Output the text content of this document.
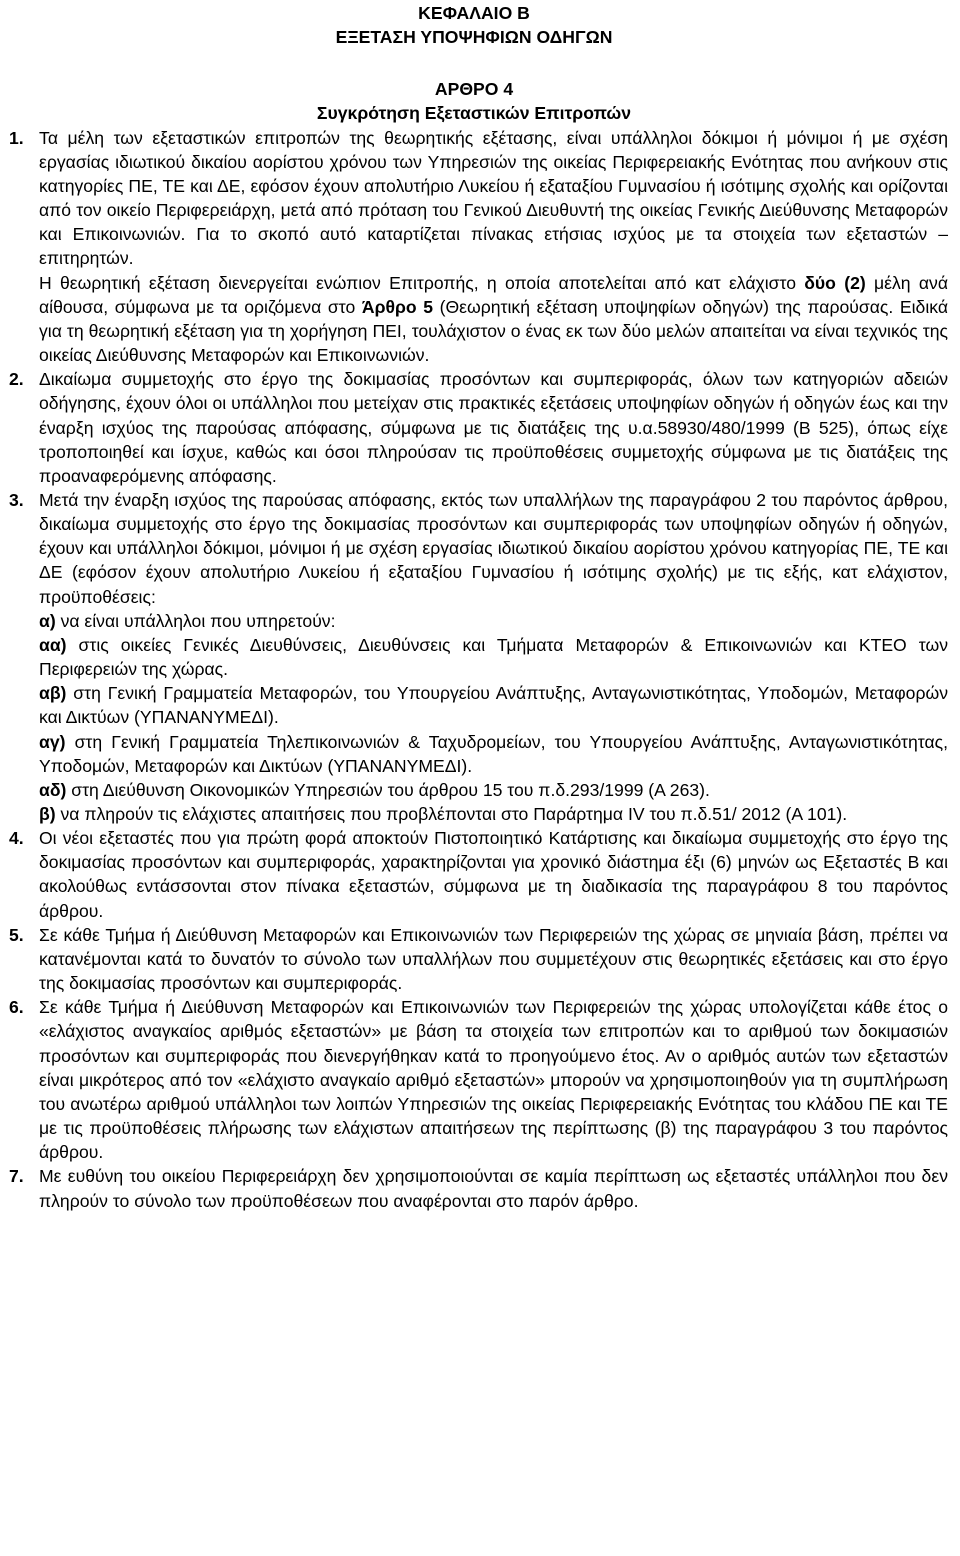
ΚΕΦΑΛΑΙΟ Β
ΕΞΕΤΑΣΗ ΥΠΟΨΗΦΙΩΝ ΟΔΗΓΩΝ
ΑΡΘΡΟ 4
Συγκρότηση Εξεταστικών Επιτροπών
1. Τα μέλη των εξεταστικών επιτροπών της θεωρητικής εξέτασης, είναι υπάλληλοι δόκιμοι ή μόνιμοι ή με σχέση εργασίας ιδιωτικού δικαίου αορίστου χρόνου των Υπηρεσιών της οικείας Περιφερειακής Ενότητας που ανήκουν στις κατηγορίες ΠΕ, ΤΕ και ΔΕ, εφόσον έχουν απολυτήριο Λυκείου ή εξαταξίου Γυμνασίου ή ισότιμης σχολής και ορίζονται από τον οικείο Περιφερειάρχη, μετά από πρόταση του Γενικού Διευθυντή της οικείας Γενικής Διεύθυνσης Μεταφορών και Επικοινωνιών. Για το σκοπό αυτό καταρτίζεται πίνακας ετήσιας ισχύος με τα στοιχεία των εξεταστών – επιτηρητών.

Η θεωρητική εξέταση διενεργείται ενώπιον Επιτροπής, η οποία αποτελείται από κατ ελάχιστο δύο (2) μέλη ανά αίθουσα, σύμφωνα με τα οριζόμενα στο Άρθρο 5 (Θεωρητική εξέταση υποψηφίων οδηγών) της παρούσας. Ειδικά για τη θεωρητική εξέταση για τη χορήγηση ΠΕΙ, τουλάχιστον ο ένας εκ των δύο μελών απαιτείται να είναι τεχνικός της οικείας Διεύθυνσης Μεταφορών και Επικοινωνιών.

2. Δικαίωμα συμμετοχής στο έργο της δοκιμασίας προσόντων και συμπεριφοράς, όλων των κατηγοριών αδειών οδήγησης, έχουν όλοι οι υπάλληλοι που μετείχαν στις πρακτικές εξετάσεις υποψηφίων οδηγών ή οδηγών έως και την έναρξη ισχύος της παρούσας απόφασης, σύμφωνα με τις διατάξεις της υ.α.58930/480/1999 (Β 525), όπως είχε τροποποιηθεί και ίσχυε, καθώς και όσοι πληρούσαν τις προϋποθέσεις συμμετοχής σύμφωνα με τις διατάξεις της προαναφερόμενης απόφασης.

3. Μετά την έναρξη ισχύος της παρούσας απόφασης, εκτός των υπαλλήλων της παραγράφου 2 του παρόντος άρθρου, δικαίωμα συμμετοχής στο έργο της δοκιμασίας προσόντων και συμπεριφοράς των υποψηφίων οδηγών ή οδηγών, έχουν και υπάλληλοι δόκιμοι, μόνιμοι ή με σχέση εργασίας ιδιωτικού δικαίου αορίστου χρόνου κατηγορίας ΠΕ, ΤΕ και ΔΕ (εφόσον έχουν απολυτήριο Λυκείου ή εξαταξίου Γυμνασίου ή ισότιμης σχολής) με τις εξής, κατ ελάχιστον, προϋποθέσεις:

α) να είναι υπάλληλοι που υπηρετούν:

αα) στις οικείες Γενικές Διευθύνσεις, Διευθύνσεις και Τμήματα Μεταφορών & Επικοινωνιών και ΚΤΕΟ των Περιφερειών της χώρας.

αβ) στη Γενική Γραμματεία Μεταφορών, του Υπουργείου Ανάπτυξης, Ανταγωνιστικότητας, Υποδομών, Μεταφορών και Δικτύων (ΥΠΑΝΑΝΥΜΕΔΙ).

αγ) στη Γενική Γραμματεία Τηλεπικοινωνιών & Ταχυδρομείων, του Υπουργείου Ανάπτυξης, Ανταγωνιστικότητας, Υποδομών, Μεταφορών και Δικτύων (ΥΠΑΝΑΝΥΜΕΔΙ).

αδ) στη Διεύθυνση Οικονομικών Υπηρεσιών του άρθρου 15 του π.δ.293/1999 (Α 263).

β) να πληρούν τις ελάχιστες απαιτήσεις που προβλέπονται στο Παράρτημα IV του π.δ.51/ 2012 (Α 101).

4. Οι νέοι εξεταστές που για πρώτη φορά αποκτούν Πιστοποιητικό Κατάρτισης και δικαίωμα συμμετοχής στο έργο της δοκιμασίας προσόντων και συμπεριφοράς, χαρακτηρίζονται για χρονικό διάστημα έξι (6) μηνών ως Εξεταστές Β και ακολούθως εντάσσονται στον πίνακα εξεταστών, σύμφωνα με τη διαδικασία της παραγράφου 8 του παρόντος άρθρου.

5. Σε κάθε Τμήμα ή Διεύθυνση Μεταφορών και Επικοινωνιών των Περιφερειών της χώρας σε μηνιαία βάση, πρέπει να κατανέμονται κατά το δυνατόν το σύνολο των υπαλλήλων που συμμετέχουν στις θεωρητικές εξετάσεις και στο έργο της δοκιμασίας προσόντων και συμπεριφοράς.

6. Σε κάθε Τμήμα ή Διεύθυνση Μεταφορών και Επικοινωνιών των Περιφερειών της χώρας υπολογίζεται κάθε έτος ο «ελάχιστος αναγκαίος αριθμός εξεταστών» με βάση τα στοιχεία των επιτροπών και το αριθμού των δοκιμασιών προσόντων και συμπεριφοράς που διενεργήθηκαν κατά το προηγούμενο έτος. Αν ο αριθμός αυτών των εξεταστών είναι μικρότερος από τον «ελάχιστο αναγκαίο αριθμό εξεταστών» μπορούν να χρησιμοποιηθούν για τη συμπλήρωση του ανωτέρω αριθμού υπάλληλοι των λοιπών Υπηρεσιών της οικείας Περιφερειακής Ενότητας του κλάδου ΠΕ και ΤΕ με τις προϋποθέσεις πλήρωσης των ελάχιστων απαιτήσεων της περίπτωσης (β) της παραγράφου 3 του παρόντος άρθρου.

7. Με ευθύνη του οικείου Περιφερειάρχη δεν χρησιμοποιούνται σε καμία περίπτωση ως εξεταστές υπάλληλοι που δεν πληρούν το σύνολο των προϋποθέσεων που αναφέρονται στο παρόν άρθρο.
